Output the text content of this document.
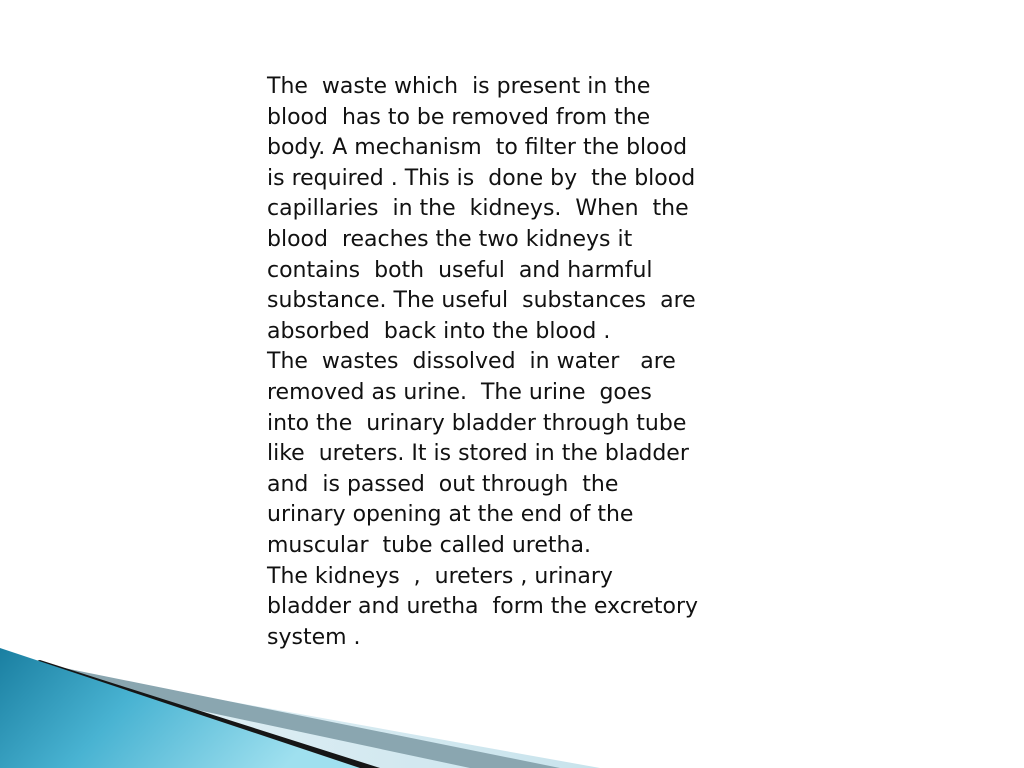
The  waste which  is present in the
blood  has to be removed from the
body. A mechanism  to filter the blood
is required . This is  done by  the blood
capillaries  in the  kidneys.  When  the
blood  reaches the two kidneys it
contains  both  useful  and harmful
substance. The useful  substances  are
absorbed  back into the blood .
The  wastes  dissolved  in water   are
removed as urine.  The urine  goes
into the  urinary bladder through tube
like  ureters. It is stored in the bladder
and  is passed  out through  the
urinary opening at the end of the
muscular  tube called uretha.
The kidneys  ,  ureters , urinary
bladder and uretha  form the excretory
system .
